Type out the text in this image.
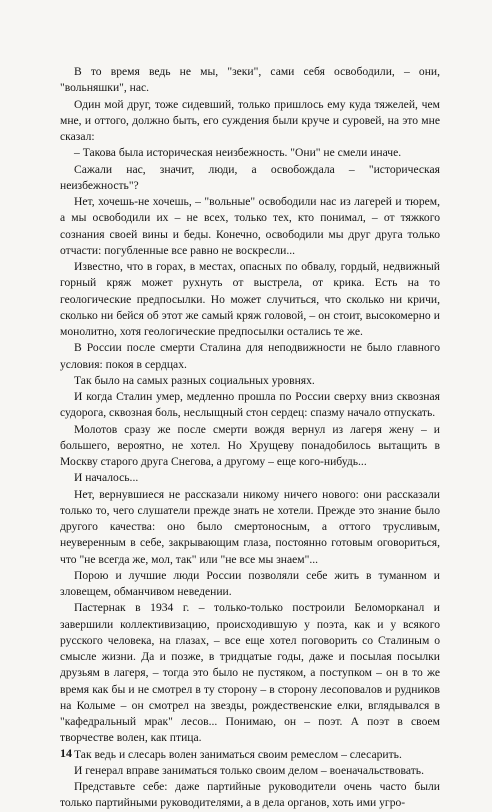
В то время ведь не мы, "зеки", сами себя освободили, – они, "вольняшки", нас.

Один мой друг, тоже сидевший, только пришлось ему куда тяжелей, чем мне, и оттого, должно быть, его суждения были круче и суровей, на это мне сказал:

– Такова была историческая неизбежность. "Они" не смели иначе.

Сажали нас, значит, люди, а освобождала – "историческая неизбежность"?

Нет, хочешь-не хочешь, – "вольные" освободили нас из лагерей и тюрем, а мы освободили их – не всех, только тех, кто понимал, – от тяжкого сознания своей вины и беды. Конечно, освободили мы друг друга только отчасти: погубленные все равно не воскресли...

Известно, что в горах, в местах, опасных по обвалу, гордый, недвижный горный кряж может рухнуть от выстрела, от крика. Есть на то геологические предпосылки. Но может случиться, что сколько ни кричи, сколько ни бейся об этот же самый кряж головой, – он стоит, высокомерно и монолитно, хотя геологические предпосылки остались те же.

В России после смерти Сталина для неподвижности не было главного условия: покоя в сердцах.

Так было на самых разных социальных уровнях.

И когда Сталин умер, медленно прошла по России сверху вниз сквозная судорога, сквозная боль, неслыщный стон сердец: спазму начало отпускать.

Молотов сразу же после смерти вождя вернул из лагеря жену – и большего, вероятно, не хотел. Но Хрущеву понадобилось вытащить в Москву старого друга Снегова, а другому – еще кого-нибудь...

И началось...

Нет, вернувшиеся не рассказали никому ничего нового: они рассказали только то, чего слушатели прежде знать не хотели. Прежде это знание было другого качества: оно было смертоносным, а оттого трусливым, неуверенным в себе, закрывающим глаза, постоянно готовым оговориться, что "не всегда же, мол, так" или "не все мы знаем"...

Порою и лучшие люди России позволяли себе жить в туманном и зловещем, обманчивом неведении.

Пастернак в 1934 г. – только-только построили Беломорканал и завершили коллективизацию, происходившую у поэта, как и у всякого русского человека, на глазах, – все еще хотел поговорить со Сталиным о смысле жизни. Да и позже, в тридцатые годы, даже и посылая посылки друзьям в лагеря, – тогда это было не пустяком, а поступком – он в то же время как бы и не смотрел в ту сторону – в сторону лесоповалов и рудников на Колыме – он смотрел на звезды, рождественские елки, вглядывался в "кафедральный мрак" лесов... Понимаю, он – поэт. А поэт в своем творчестве волен, как птица.

Так ведь и слесарь волен заниматься своим ремеслом – слесарить.

И генерал вправе заниматься только своим делом – военачальствовать.

Представьте себе: даже партийные руководители очень часто были только партийными руководителями, а в дела органов, хоть ими угро-

14
